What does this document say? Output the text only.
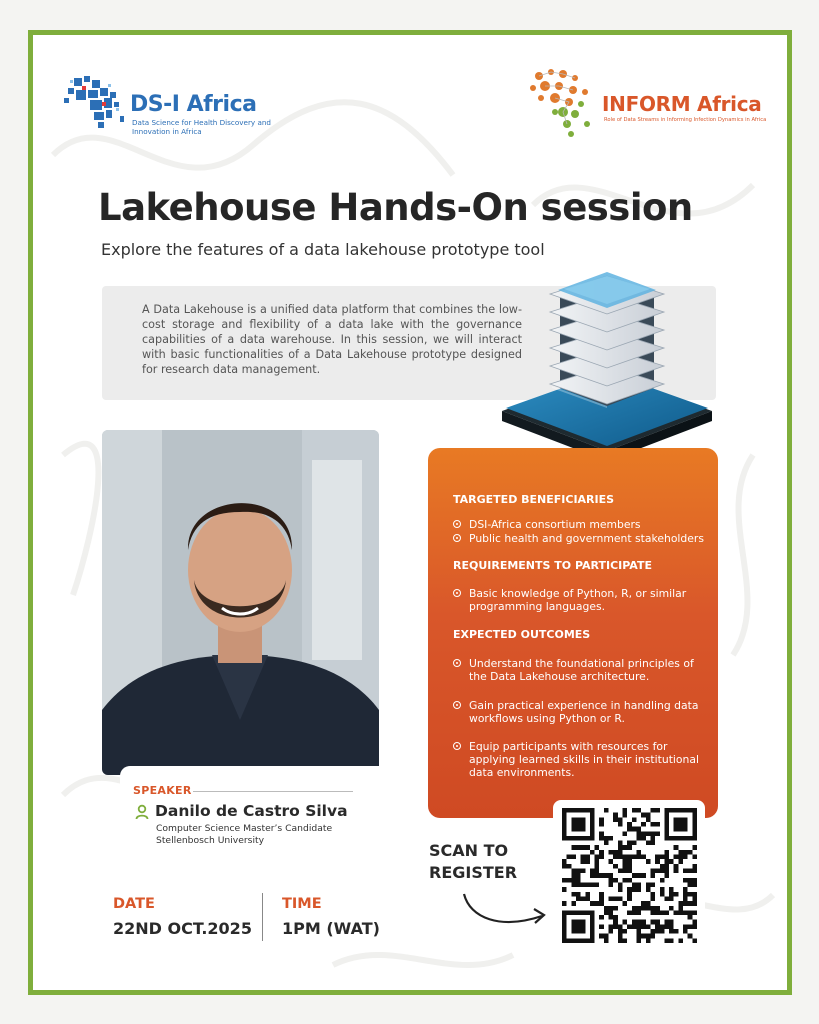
DS-I Africa
Data Science for Health Discovery and Innovation in Africa
INFORM Africa
Role of Data Streams in Informing Infection Dynamics in Africa
Lakehouse Hands-On session
Explore the features of a data lakehouse prototype tool
A Data Lakehouse is a unified data platform that combines the low-cost storage and flexibility of a data lake with the governance capabilities of a data warehouse. In this session, we will interact with basic functionalities of a Data Lakehouse prototype designed for research data management.
SPEAKER
Danilo de Castro Silva
Computer Science Master’s Candidate
Stellenbosch University
TARGETED BENEFICIARIES
DSI-Africa consortium members
Public health and government stakeholders
REQUIREMENTS TO PARTICIPATE
Basic knowledge of Python, R, or similar programming languages.
EXPECTED OUTCOMES
Understand the foundational principles of the Data Lakehouse architecture.
Gain practical experience in handling data workflows using Python or R.
Equip participants with resources for applying learned skills in their institutional data environments.
SCAN TO
REGISTER
DATE
22ND OCT.2025
TIME
1PM (WAT)
